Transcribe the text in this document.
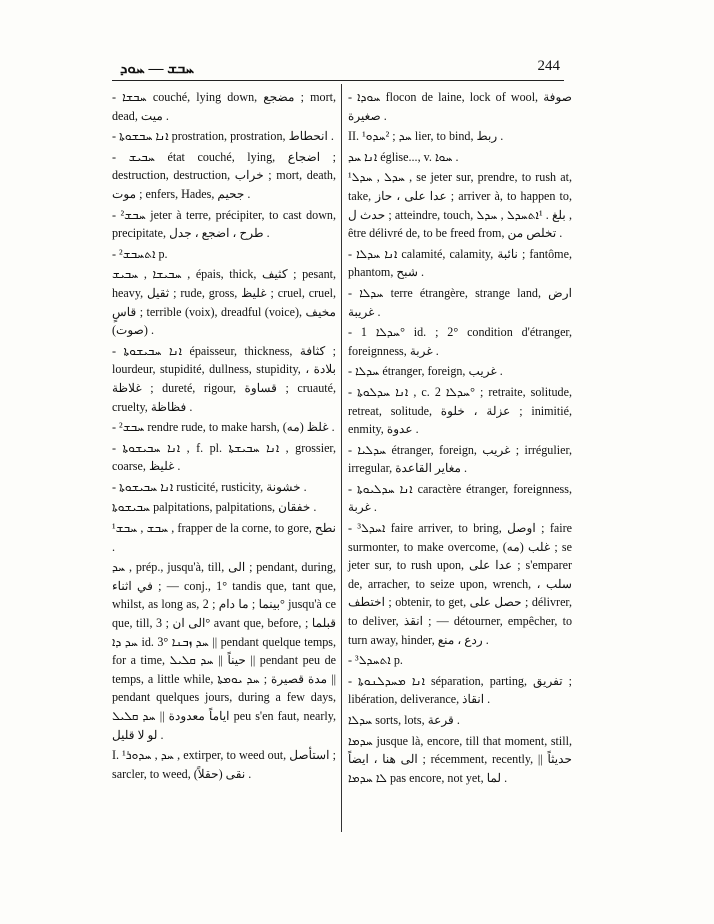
ܚܒܫ — ܚܘܕ	244

- ܚܒܫܐ couché, lying down, مضجع ; mort, dead, ميت .

- ܐܢܐ ܚܒܫܘܬܐ prostration, prostration, انحطاط .

- ܚܒܝܫ état couché, lying, اضجاع ; destruction, destruction, خراب ; mort, death, موت ; enfers, Hades, جحيم .

- ²ܚܒܫ jeter à terre, précipiter, to cast down, precipitate, طرح ، اضجع ، جدل .

- ²ܐܬܚܒܫ p.

ܚܒܝܫܐ , ܚܒܝܫ , épais, thick, كثيف ; pesant, heavy, ثقيل ; rude, gross, غليظ ; cruel, cruel, قاسٍ ; terrible (voix), dreadful (voice), مخيف (صوت) .

- ܐܢܐ ܚܒܝܫܘܬܐ épaisseur, thickness, كثافة ; lourdeur, stupidité, dullness, stupidity, بلادة ، غلاظة ; dureté, rigour, قساوة ; cruauté, cruelty, فظاظة .

- ²ܚܒܫ rendre rude, to make harsh, غلظ (مه) .

- ܐܢܐ ܚܒܝܫܘܬܐ , f. pl. ܐܢܐ ܚܒܝܫܬܐ , grossier, coarse, غليظ .

- ܐܢܐ ܚܒܝܫܘܬܐ rusticité, rusticity, خشونة .

ܚܒܝܫܘܬܐ palpitations, palpitations, خفقان .

¹ܚܒܫ , ܚܒܫ , frapper de la corne, to gore, نطح .

ܚܕ , prép., jusqu'à, till, الى ; pendant, during, في اثناء ; — conj., 1° tandis que, tant que, whilst, as long as, بينما ; ما دام ; 2° jusqu'à ce que, till, الى ان ; 3° avant que, before, قبلما ; ܚܕ ܕܐ id. 3° ܚܕ ܙܒܢܐ || pendant quelque temps, for a time, حيناً || ܚܕ ܩܠܝܠ || pendant peu de temps, a little while, مدة قصيرة ; ܚܕ ܝܘܡܬܐ || pendant quelques jours, during a few days, اياماً معدودة || ܚܕ ܩܠܝܠ peu s'en faut, nearly, لو لا قليل .

I. ¹ܚܕ , ܚܕܘܪ , extirper, to weed out, استأصل ; sarcler, to weed, نقى (حقلاً) .

- ܚܘܕܐ flocon de laine, lock of wool, صوفة صغيرة .

II. ¹ܚܕ ; ²ܚܕܘ lier, to bind, ربط .

ܐܢܐ ܚܕ église..., v. ܚܘܐ .

¹ܚܕܠ , ܚܕܠ , se jeter sur, prendre, to rush at, take, عدا على ، حاز ; arriver à, to happen to, حدث ل ; atteindre, touch, بلغ . ¹ܐܬܚܕܠ , ܚܕܠ , être délivré de, to be freed from, تخلص من .

- ܐܢܐ ܚܕܠܐ calamité, calamity, نائبة ; fantôme, phantom, شبح .

- ܚܕܠܐ terre étrangère, strange land, ارض غريبة .

- ܚܕܠܐ 1° id. ; 2° condition d'étranger, foreignness, غربة .

- ܚܕܠܐ étranger, foreign, غريب .

- ܐܢܐ ܚܕܠܘܬܐ , c. ܚܕܠܐ 2° ; retraite, solitude, retreat, solitude, عزلة ، خلوة ; inimitié, enmity, عدوة .

- ܚܕܠܝܐ étranger, foreign, غريب ; irrégulier, irregular, مغاير القاعدة .

- ܐܢܐ ܚܕܠܝܘܬܐ caractère étranger, foreignness, غربة .

- ³ܐܚܕܠ faire arriver, to bring, اوصل ; faire surmonter, to make overcome, غلب (مه) ; se jeter sur, to rush upon, عدا على ; s'emparer de, arracher, to seize upon, wrench, سلب ، اختطف ; obtenir, to get, حصل على ; délivrer, to deliver, انقذ ; — détourner, empêcher, to turn away, hinder, ردع ، منع .

- ³ܐܬܚܕܠ p.

- ܐܢܐ ܡܚܕܠܢܘܬܐ séparation, parting, تفريق ; libération, deliverance, انقاذ .

ܚܕܠܐ sorts, lots, قرعة .

ܚܕܡܐ jusque là, encore, till that moment, still, الى هنا ، ايضاً ; récemment, recently, حديثاً || ܠܐ ܚܕܡܐ pas encore, not yet, لما .
